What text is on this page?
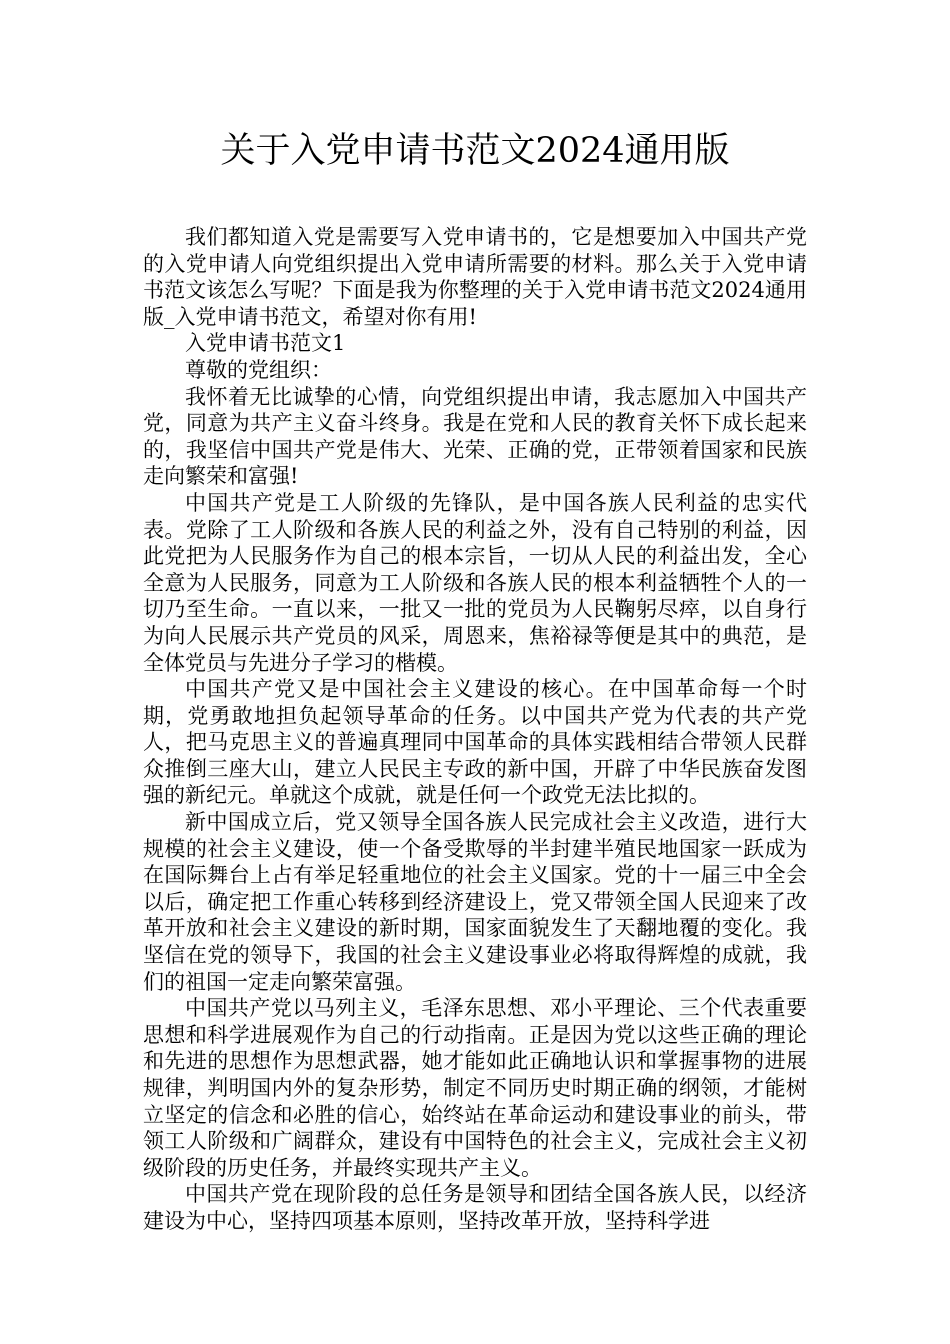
关于入党申请书范文2024通用版

我们都知道入党是需要写入党申请书的，它是想要加入中国共产党的入党申请人向党组织提出入党申请所需要的材料。那么关于入党申请书范文该怎么写呢？下面是我为你整理的关于入党申请书范文2024通用版_入党申请书范文，希望对你有用!

入党申请书范文1

尊敬的党组织：

我怀着无比诚挚的心情，向党组织提出申请，我志愿加入中国共产党，同意为共产主义奋斗终身。我是在党和人民的教育关怀下成长起来的，我坚信中国共产党是伟大、光荣、正确的党，正带领着国家和民族走向繁荣和富强!

中国共产党是工人阶级的先锋队，是中国各族人民利益的忠实代表。党除了工人阶级和各族人民的利益之外，没有自己特别的利益，因此党把为人民服务作为自己的根本宗旨，一切从人民的利益出发，全心全意为人民服务，同意为工人阶级和各族人民的根本利益牺牲个人的一切乃至生命。一直以来，一批又一批的党员为人民鞠躬尽瘁，以自身行为向人民展示共产党员的风采，周恩来，焦裕禄等便是其中的典范，是全体党员与先进分子学习的楷模。

中国共产党又是中国社会主义建设的核心。在中国革命每一个时期，党勇敢地担负起领导革命的任务。以中国共产党为代表的共产党人，把马克思主义的普遍真理同中国革命的具体实践相结合带领人民群众推倒三座大山，建立人民民主专政的新中国，开辟了中华民族奋发图强的新纪元。单就这个成就，就是任何一个政党无法比拟的。

新中国成立后，党又领导全国各族人民完成社会主义改造，进行大规模的社会主义建设，使一个备受欺辱的半封建半殖民地国家一跃成为在国际舞台上占有举足轻重地位的社会主义国家。党的十一届三中全会以后，确定把工作重心转移到经济建设上，党又带领全国人民迎来了改革开放和社会主义建设的新时期，国家面貌发生了天翻地覆的变化。我坚信在党的领导下，我国的社会主义建设事业必将取得辉煌的成就，我们的祖国一定走向繁荣富强。

中国共产党以马列主义，毛泽东思想、邓小平理论、三个代表重要思想和科学进展观作为自己的行动指南。正是因为党以这些正确的理论和先进的思想作为思想武器，她才能如此正确地认识和掌握事物的进展规律，判明国内外的复杂形势，制定不同历史时期正确的纲领，才能树立坚定的信念和必胜的信心，始终站在革命运动和建设事业的前头，带领工人阶级和广阔群众，建设有中国特色的社会主义，完成社会主义初级阶段的历史任务，并最终实现共产主义。

中国共产党在现阶段的总任务是领导和团结全国各族人民，以经济建设为中心，坚持四项基本原则，坚持改革开放，坚持科学进
